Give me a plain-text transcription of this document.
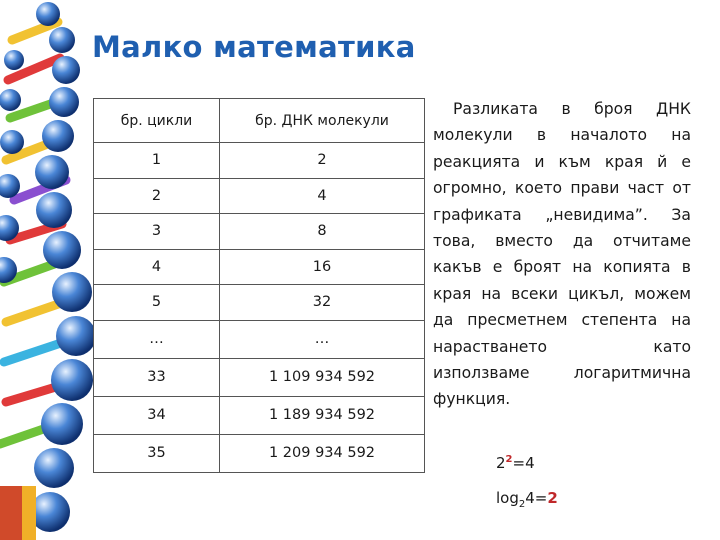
Малко математика
бр. цикли	бр. ДНК молекули
1	2
2	4
3	8
4	16
5	32
…	…
33	1 109 934 592
34	1 189 934 592
35	1 209 934 592
Разликата в броя ДНК молекули в началото на реакцията и към края й е огромно, което прави част от графиката „невидима”. За това, вместо да отчитаме какъв е броят на копията в края на всеки цикъл, можем да пресметнем степента на нарастването като използваме логаритмична функция.
$2^2=4$
$\log_24=2$
